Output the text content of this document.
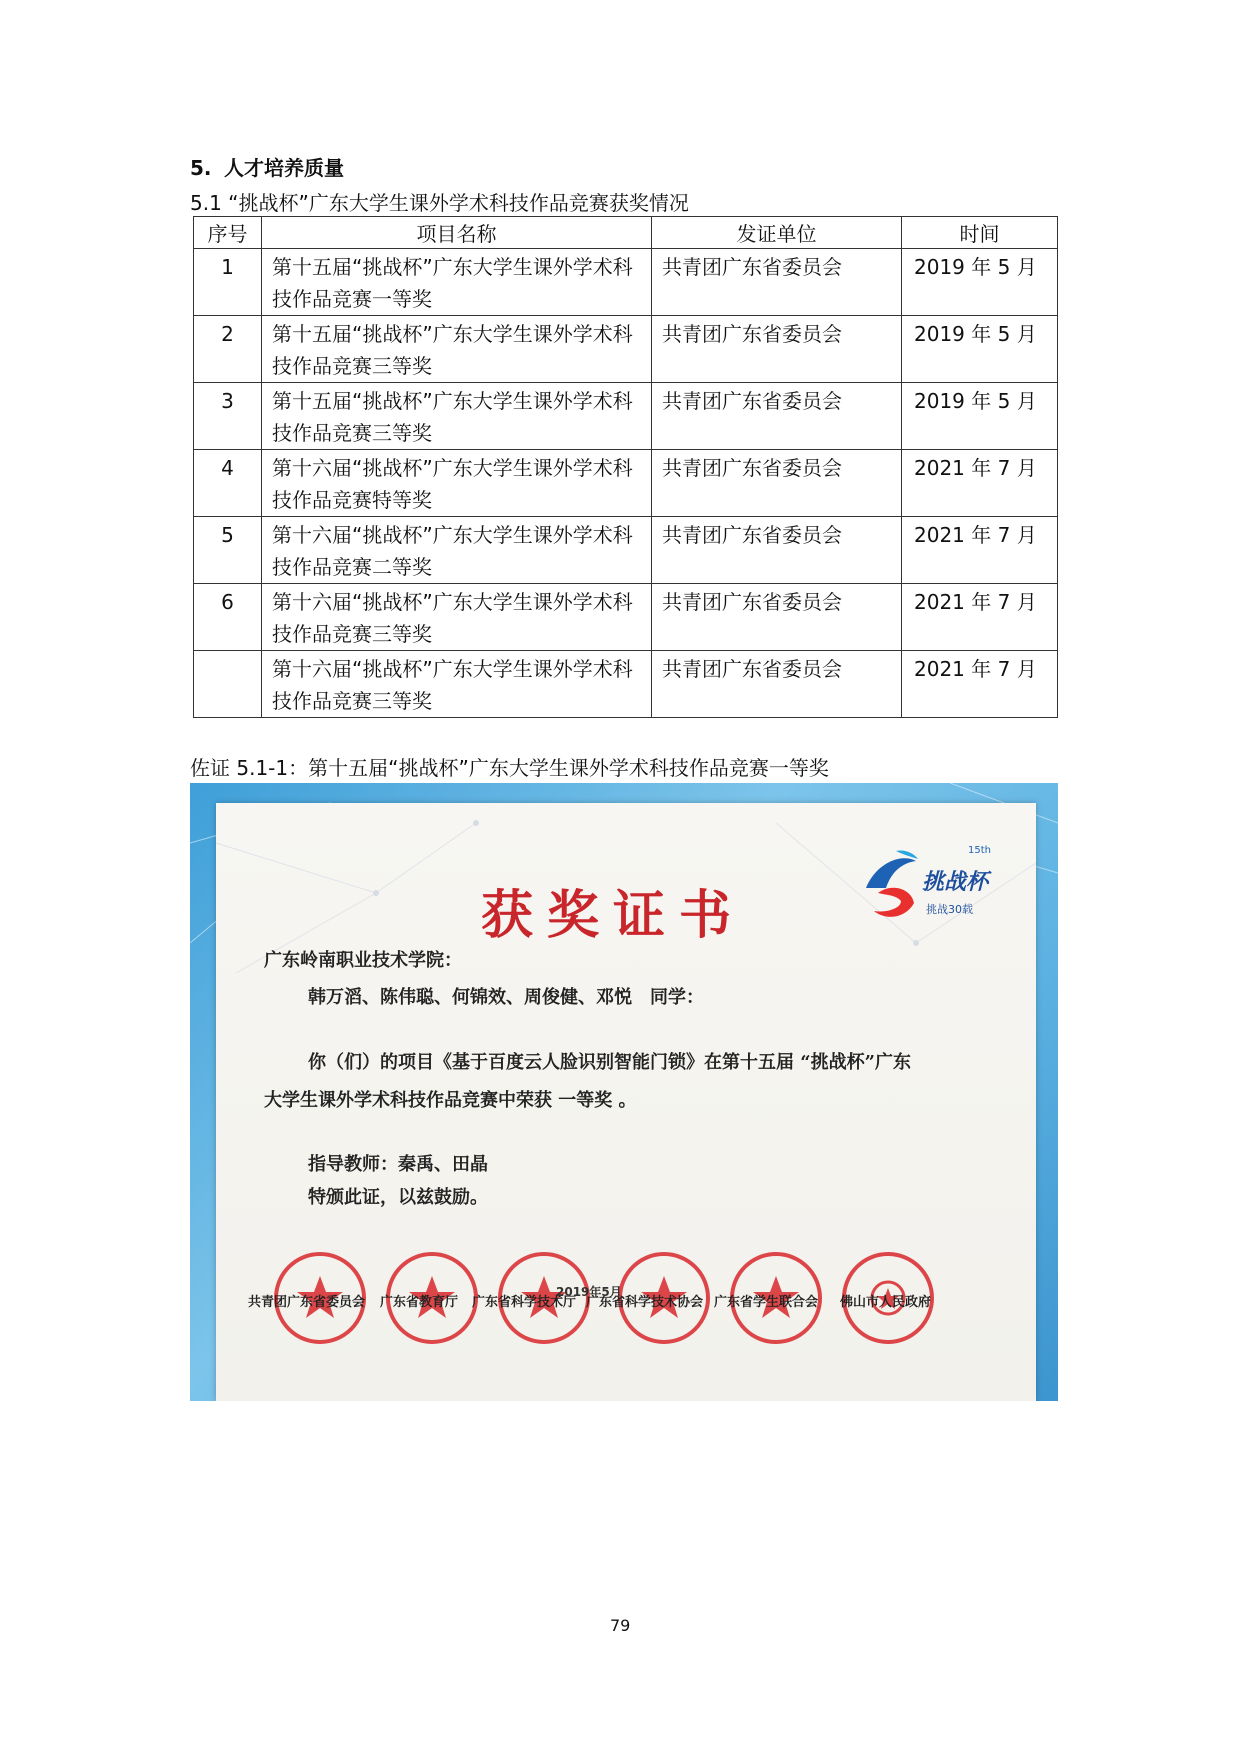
5. 人才培养质量
5.1 “挑战杯”广东大学生课外学术科技作品竞赛获奖情况
序号	项目名称	发证单位	时间
1	第十五届“挑战杯”广东大学生课外学术科技作品竞赛一等奖	共青团广东省委员会	2019 年 5 月
2	第十五届“挑战杯”广东大学生课外学术科技作品竞赛三等奖	共青团广东省委员会	2019 年 5 月
3	第十五届“挑战杯”广东大学生课外学术科技作品竞赛三等奖	共青团广东省委员会	2019 年 5 月
4	第十六届“挑战杯”广东大学生课外学术科技作品竞赛特等奖	共青团广东省委员会	2021 年 7 月
5	第十六届“挑战杯”广东大学生课外学术科技作品竞赛二等奖	共青团广东省委员会	2021 年 7 月
6	第十六届“挑战杯”广东大学生课外学术科技作品竞赛三等奖	共青团广东省委员会	2021 年 7 月
	第十六届“挑战杯”广东大学生课外学术科技作品竞赛三等奖	共青团广东省委员会	2021 年 7 月
佐证 5.1-1：第十五届“挑战杯”广东大学生课外学术科技作品竞赛一等奖
获奖证书
15th
挑战杯
挑战30载
广东岭南职业技术学院：
韩万滔、陈伟聪、何锦效、周俊健、邓悦　同学：
你（们）的项目《基于百度云人脸识别智能门锁》在第十五届 “挑战杯”广东
大学生课外学术科技作品竞赛中荣获 一等奖 。
指导教师：秦禹、田晶
特颁此证，以兹鼓励。
共青团广东省委员会 广东省教育厅 广东省科学技术厅 广东省科学技术协会 广东省学生联合会 佛山市人民政府
2019年5月
79
